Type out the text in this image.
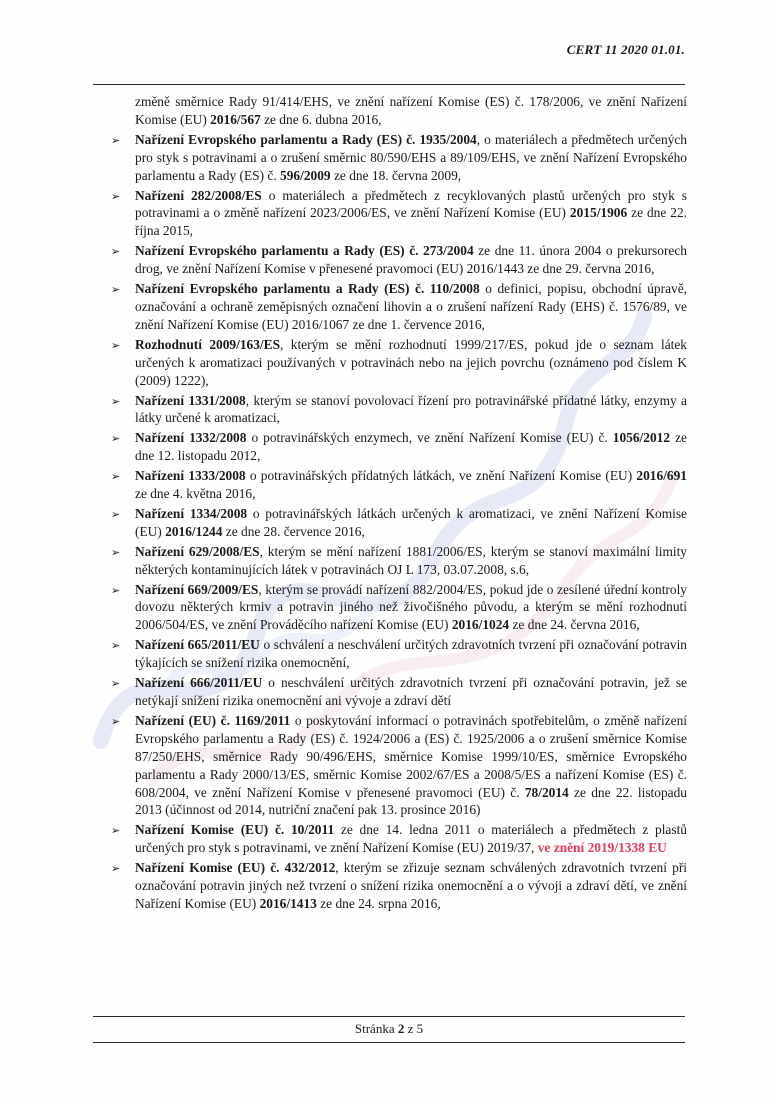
CERT 11 2020 01.01.

změně směrnice Rady 91/414/EHS, ve znění nařízení Komise (ES) č. 178/2006, ve znění Nařízení Komise (EU) 2016/567 ze dne 6. dubna 2016,

➢ Nařízení Evropského parlamentu a Rady (ES) č. 1935/2004, o materiálech a předmětech určených pro styk s potravinami a o zrušení směrnic 80/590/EHS a 89/109/EHS, ve znění Nařízení Evropského parlamentu a Rady (ES) č. 596/2009 ze dne 18. června 2009,
➢ Nařízení 282/2008/ES o materiálech a předmětech z recyklovaných plastů určených pro styk s potravinami a o změně nařízení 2023/2006/ES, ve znění Nařízení Komise (EU) 2015/1906 ze dne 22. října 2015,
➢ Nařízení Evropského parlamentu a Rady (ES) č. 273/2004 ze dne 11. února 2004 o prekursorech drog, ve znění Nařízení Komise v přenesené pravomoci (EU) 2016/1443 ze dne 29. června 2016,
➢ Nařízení Evropského parlamentu a Rady (ES) č. 110/2008 o definici, popisu, obchodní úpravě, označování a ochraně zeměpisných označení lihovin a o zrušení nařízení Rady (EHS) č. 1576/89, ve znění Nařízení Komise (EU) 2016/1067 ze dne 1. července 2016,
➢ Rozhodnutí 2009/163/ES, kterým se mění rozhodnutí 1999/217/ES, pokud jde o seznam látek určených k aromatizaci používaných v potravinách nebo na jejich povrchu (oznámeno pod číslem K (2009) 1222),
➢ Nařízení 1331/2008, kterým se stanoví povolovací řízení pro potravinářské přídatné látky, enzymy a látky určené k aromatizaci,
➢ Nařízení 1332/2008 o potravinářských enzymech, ve znění Nařízení Komise (EU) č. 1056/2012 ze dne 12. listopadu 2012,
➢ Nařízení 1333/2008 o potravinářských přídatných látkách, ve znění Nařízení Komise (EU) 2016/691 ze dne 4. května 2016,
➢ Nařízení 1334/2008 o potravinářských látkách určených k aromatizaci, ve znění Nařízení Komise (EU) 2016/1244 ze dne 28. července 2016,
➢ Nařízení 629/2008/ES, kterým se mění nařízení 1881/2006/ES, kterým se stanoví maximální limity některých kontaminujících látek v potravinách OJ L 173, 03.07.2008, s.6,
➢ Nařízení 669/2009/ES, kterým se provádí nařízení 882/2004/ES, pokud jde o zesílené úřední kontroly dovozu některých krmiv a potravin jiného než živočišného původu, a kterým se mění rozhodnutí 2006/504/ES, ve znění Prováděcího nařízení Komise (EU) 2016/1024 ze dne 24. června 2016,
➢ Nařízení 665/2011/EU o schválení a neschválení určitých zdravotních tvrzení při označování potravin týkajících se snížení rizika onemocnění,
➢ Nařízení 666/2011/EU o neschválení určitých zdravotních tvrzení při označování potravin, jež se netýkají snížení rizika onemocnění ani vývoje a zdraví dětí
➢ Nařízení (EU) č. 1169/2011 o poskytování informací o potravinách spotřebitelům, o změně nařízení Evropského parlamentu a Rady (ES) č. 1924/2006 a (ES) č. 1925/2006 a o zrušení směrnice Komise 87/250/EHS, směrnice Rady 90/496/EHS, směrnice Komise 1999/10/ES, směrnice Evropského parlamentu a Rady 2000/13/ES, směrnic Komise 2002/67/ES a 2008/5/ES a nařízení Komise (ES) č. 608/2004, ve znění Nařízení Komise v přenesené pravomoci (EU) č. 78/2014 ze dne 22. listopadu 2013 (účinnost od 2014, nutriční značení pak 13. prosince 2016)
➢ Nařízení Komise (EU) č. 10/2011 ze dne 14. ledna 2011 o materiálech a předmětech z plastů určených pro styk s potravinami, ve znění Nařízení Komise (EU) 2019/37, ve znění 2019/1338 EU
➢ Nařízení Komise (EU) č. 432/2012, kterým se zřizuje seznam schválených zdravotních tvrzení při označování potravin jiných než tvrzení o snížení rizika onemocnění a o vývoji a zdraví dětí, ve znění Nařízení Komise (EU) 2016/1413 ze dne 24. srpna 2016,

Stránka 2 z 5
